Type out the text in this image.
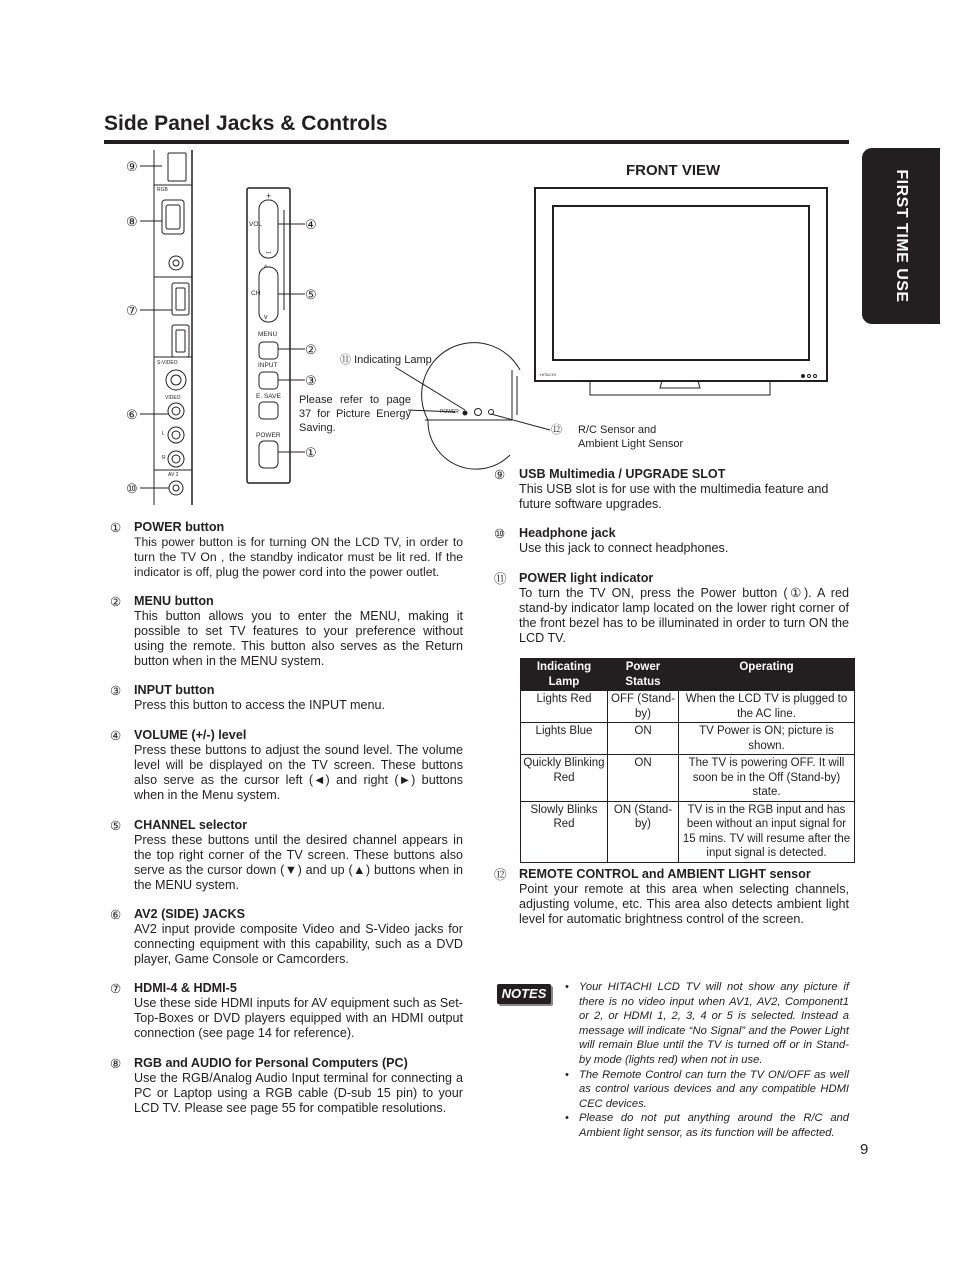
Side Panel Jacks & Controls
FIRST TIME USE
FRONT VIEW
VOL
CH
MENU
INPUT
E. SAVE
POWER
+
–
^
v
RGB
S-VIDEO
VIDEO
L
R
AV 2
HITACHI
POWER
⑪ Indicating Lamp
Please refer to page 37 for Picture Energy Saving.	⑫ R/C Sensor and Ambient Light Sensor
⑨
⑧
⑦
⑥
⑩
④
⑤
②
③
①
① POWER button
This power button is for turning ON the LCD TV, in order to turn the TV On , the standby indicator must be lit red. If the indicator is off, plug the power cord into the power outlet.
② MENU button
This button allows you to enter the MENU, making it possible to set TV features to your preference without using the remote. This button also serves as the Return button when in the MENU system.
③ INPUT button
Press this button to access the INPUT menu.
④ VOLUME (+/-) level
Press these buttons to adjust the sound level. The volume level will be displayed on the TV screen. These buttons also serve as the cursor left (◄) and right (►) buttons when in the Menu system.
⑤ CHANNEL selector
Press these buttons until the desired channel appears in the top right corner of the TV screen. These buttons also serve as the cursor down (▼) and up (▲) buttons when in the MENU system.
⑥ AV2 (SIDE) JACKS
AV2 input provide composite Video and S-Video jacks for connecting equipment with this capability, such as a DVD player, Game Console or Camcorders.
⑦ HDMI-4 & HDMI-5
Use these side HDMI inputs for AV equipment such as Set-Top-Boxes or DVD players equipped with an HDMI output connection (see page 14 for reference).
⑧ RGB and AUDIO for Personal Computers (PC)
Use the RGB/Analog Audio Input terminal for connecting a PC or Laptop using a RGB cable (D-sub 15 pin) to your LCD TV. Please see page 55 for compatible resolutions.
⑨ USB Multimedia / UPGRADE SLOT
This USB slot is for use with the multimedia feature and future software upgrades.
⑩ Headphone jack
Use this jack to connect headphones.
⑪ POWER light indicator
To turn the TV ON, press the Power button (①). A red stand-by indicator lamp located on the lower right corner of the front bezel has to be illuminated in order to turn ON the LCD TV.
Indicating Lamp	Power Status	Operating
Lights Red	OFF (Stand-by)	When the LCD TV is plugged to the AC line.
Lights Blue	ON	TV Power is ON; picture is shown.
Quickly Blinking Red	ON	The TV is powering OFF. It will soon be in the Off (Stand-by) state.
Slowly Blinks Red	ON (Stand-by)	TV is in the RGB input and has been without an input signal for 15 mins. TV will resume after the input signal is detected.
⑫ REMOTE CONTROL and AMBIENT LIGHT sensor
Point your remote at this area when selecting channels, adjusting volume, etc. This area also detects ambient light level for automatic brightness control of the screen.
NOTES	• Your HITACHI LCD TV will not show any picture if there is no video input when AV1, AV2, Component1 or 2, or HDMI 1, 2, 3, 4 or 5 is selected. Instead a message will indicate “No Signal” and the Power Light will remain Blue until the TV is turned off or in Stand-by mode (lights red) when not in use.
• The Remote Control can turn the TV ON/OFF as well as control various devices and any compatible HDMI CEC devices.
• Please do not put anything around the R/C and Ambient light sensor, as its function will be affected.
9
